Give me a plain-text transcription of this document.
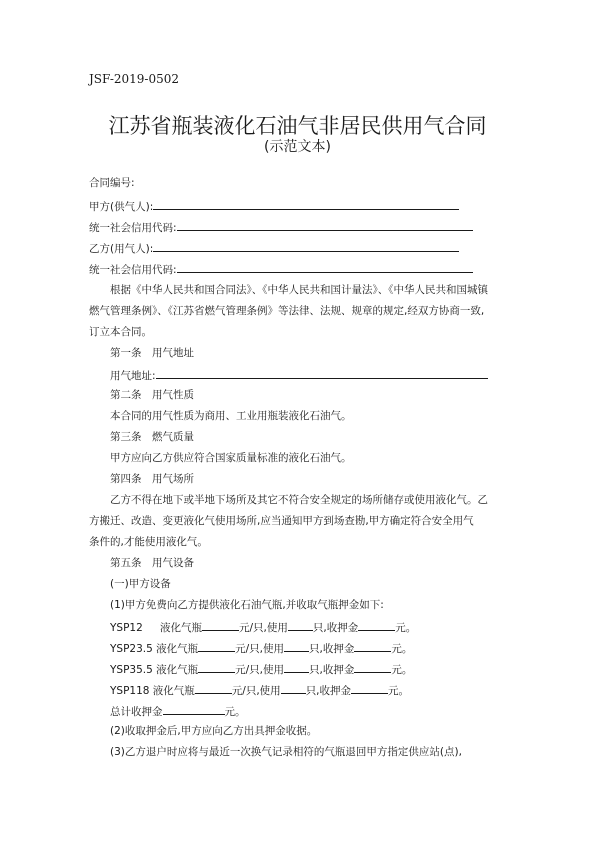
JSF-2019-0502
江苏省瓶装液化石油气非居民供用气合同
(示范文本)
合同编号:
甲方(供气人):
统一社会信用代码:
乙方(用气人):
统一社会信用代码:
根据《中华人民共和国合同法》、《中华人民共和国计量法》、《中华人民共和国城镇
燃气管理条例》、《江苏省燃气管理条例》等法律、法规、规章的规定,经双方协商一致,
订立本合同。
第一条　用气地址
用气地址:
第二条　用气性质
本合同的用气性质为商用、工业用瓶装液化石油气。
第三条　燃气质量
甲方应向乙方供应符合国家质量标准的液化石油气。
第四条　用气场所
乙方不得在地下或半地下场所及其它不符合安全规定的场所储存或使用液化气。乙
方搬迁、改造、变更液化气使用场所,应当通知甲方到场查勘,甲方确定符合安全用气
条件的,才能使用液化气。
第五条　用气设备
(一)甲方设备
(1)甲方免费向乙方提供液化石油气瓶,并收取气瓶押金如下:
YSP12 液化气瓶	元/只,使用 只,收押金	元。
YSP23.5 液化气瓶	元/只,使用 只,收押金	元。
YSP35.5 液化气瓶	元/只,使用 只,收押金	元。
YSP118 液化气瓶	元/只,使用 只,收押金	元。
总计收押金	元。
(2)收取押金后,甲方应向乙方出具押金收据。
(3)乙方退户时应将与最近一次换气记录相符的气瓶退回甲方指定供应站(点),
